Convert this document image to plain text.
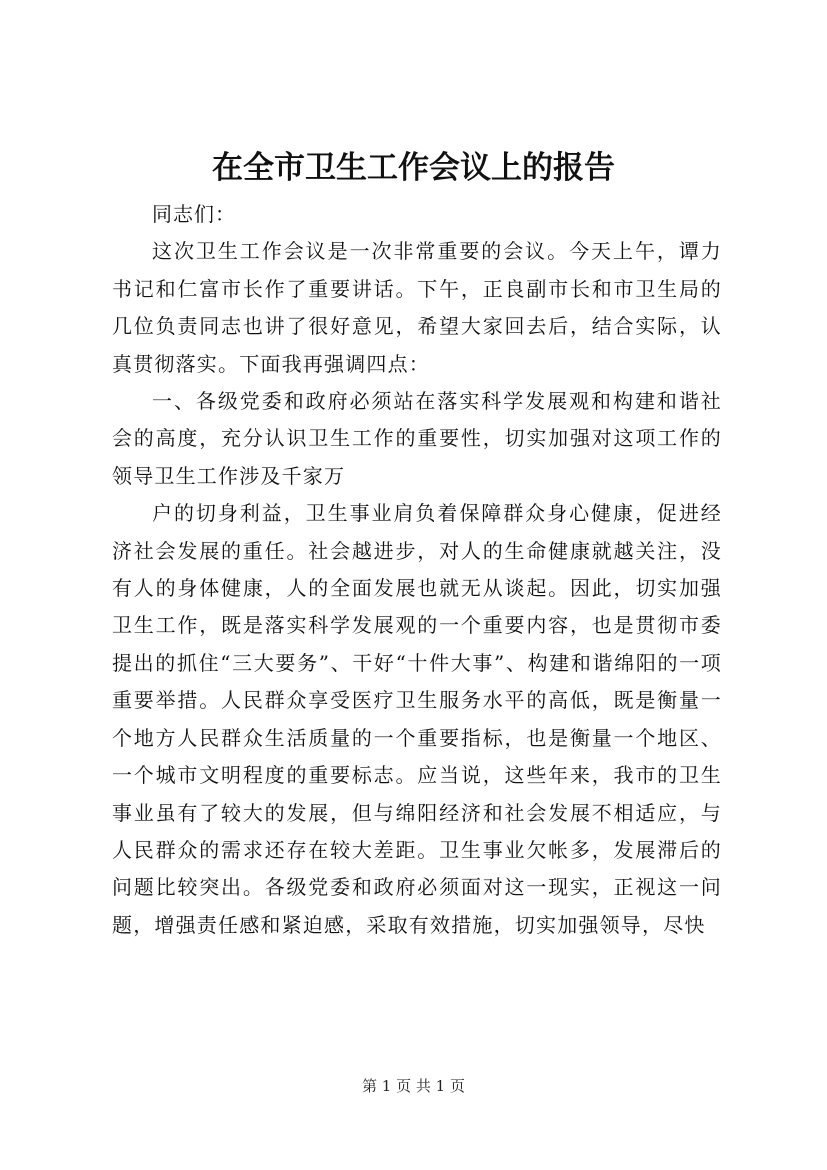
在全市卫生工作会议上的报告

同志们：

这次卫生工作会议是一次非常重要的会议。今天上午，谭力书记和仁富市长作了重要讲话。下午，正良副市长和市卫生局的几位负责同志也讲了很好意见，希望大家回去后，结合实际，认真贯彻落实。下面我再强调四点：

一、各级党委和政府必须站在落实科学发展观和构建和谐社会的高度，充分认识卫生工作的重要性，切实加强对这项工作的领导卫生工作涉及千家万

户的切身利益，卫生事业肩负着保障群众身心健康，促进经济社会发展的重任。社会越进步，对人的生命健康就越关注，没有人的身体健康，人的全面发展也就无从谈起。因此，切实加强卫生工作，既是落实科学发展观的一个重要内容，也是贯彻市委提出的抓住“三大要务”、干好“十件大事”、构建和谐绵阳的一项重要举措。人民群众享受医疗卫生服务水平的高低，既是衡量一个地方人民群众生活质量的一个重要指标，也是衡量一个地区、一个城市文明程度的重要标志。应当说，这些年来，我市的卫生事业虽有了较大的发展，但与绵阳经济和社会发展不相适应，与人民群众的需求还存在较大差距。卫生事业欠帐多，发展滞后的问题比较突出。各级党委和政府必须面对这一现实，正视这一问题，增强责任感和紧迫感，采取有效措施，切实加强领导，尽快

第 1 页 共 1 页
